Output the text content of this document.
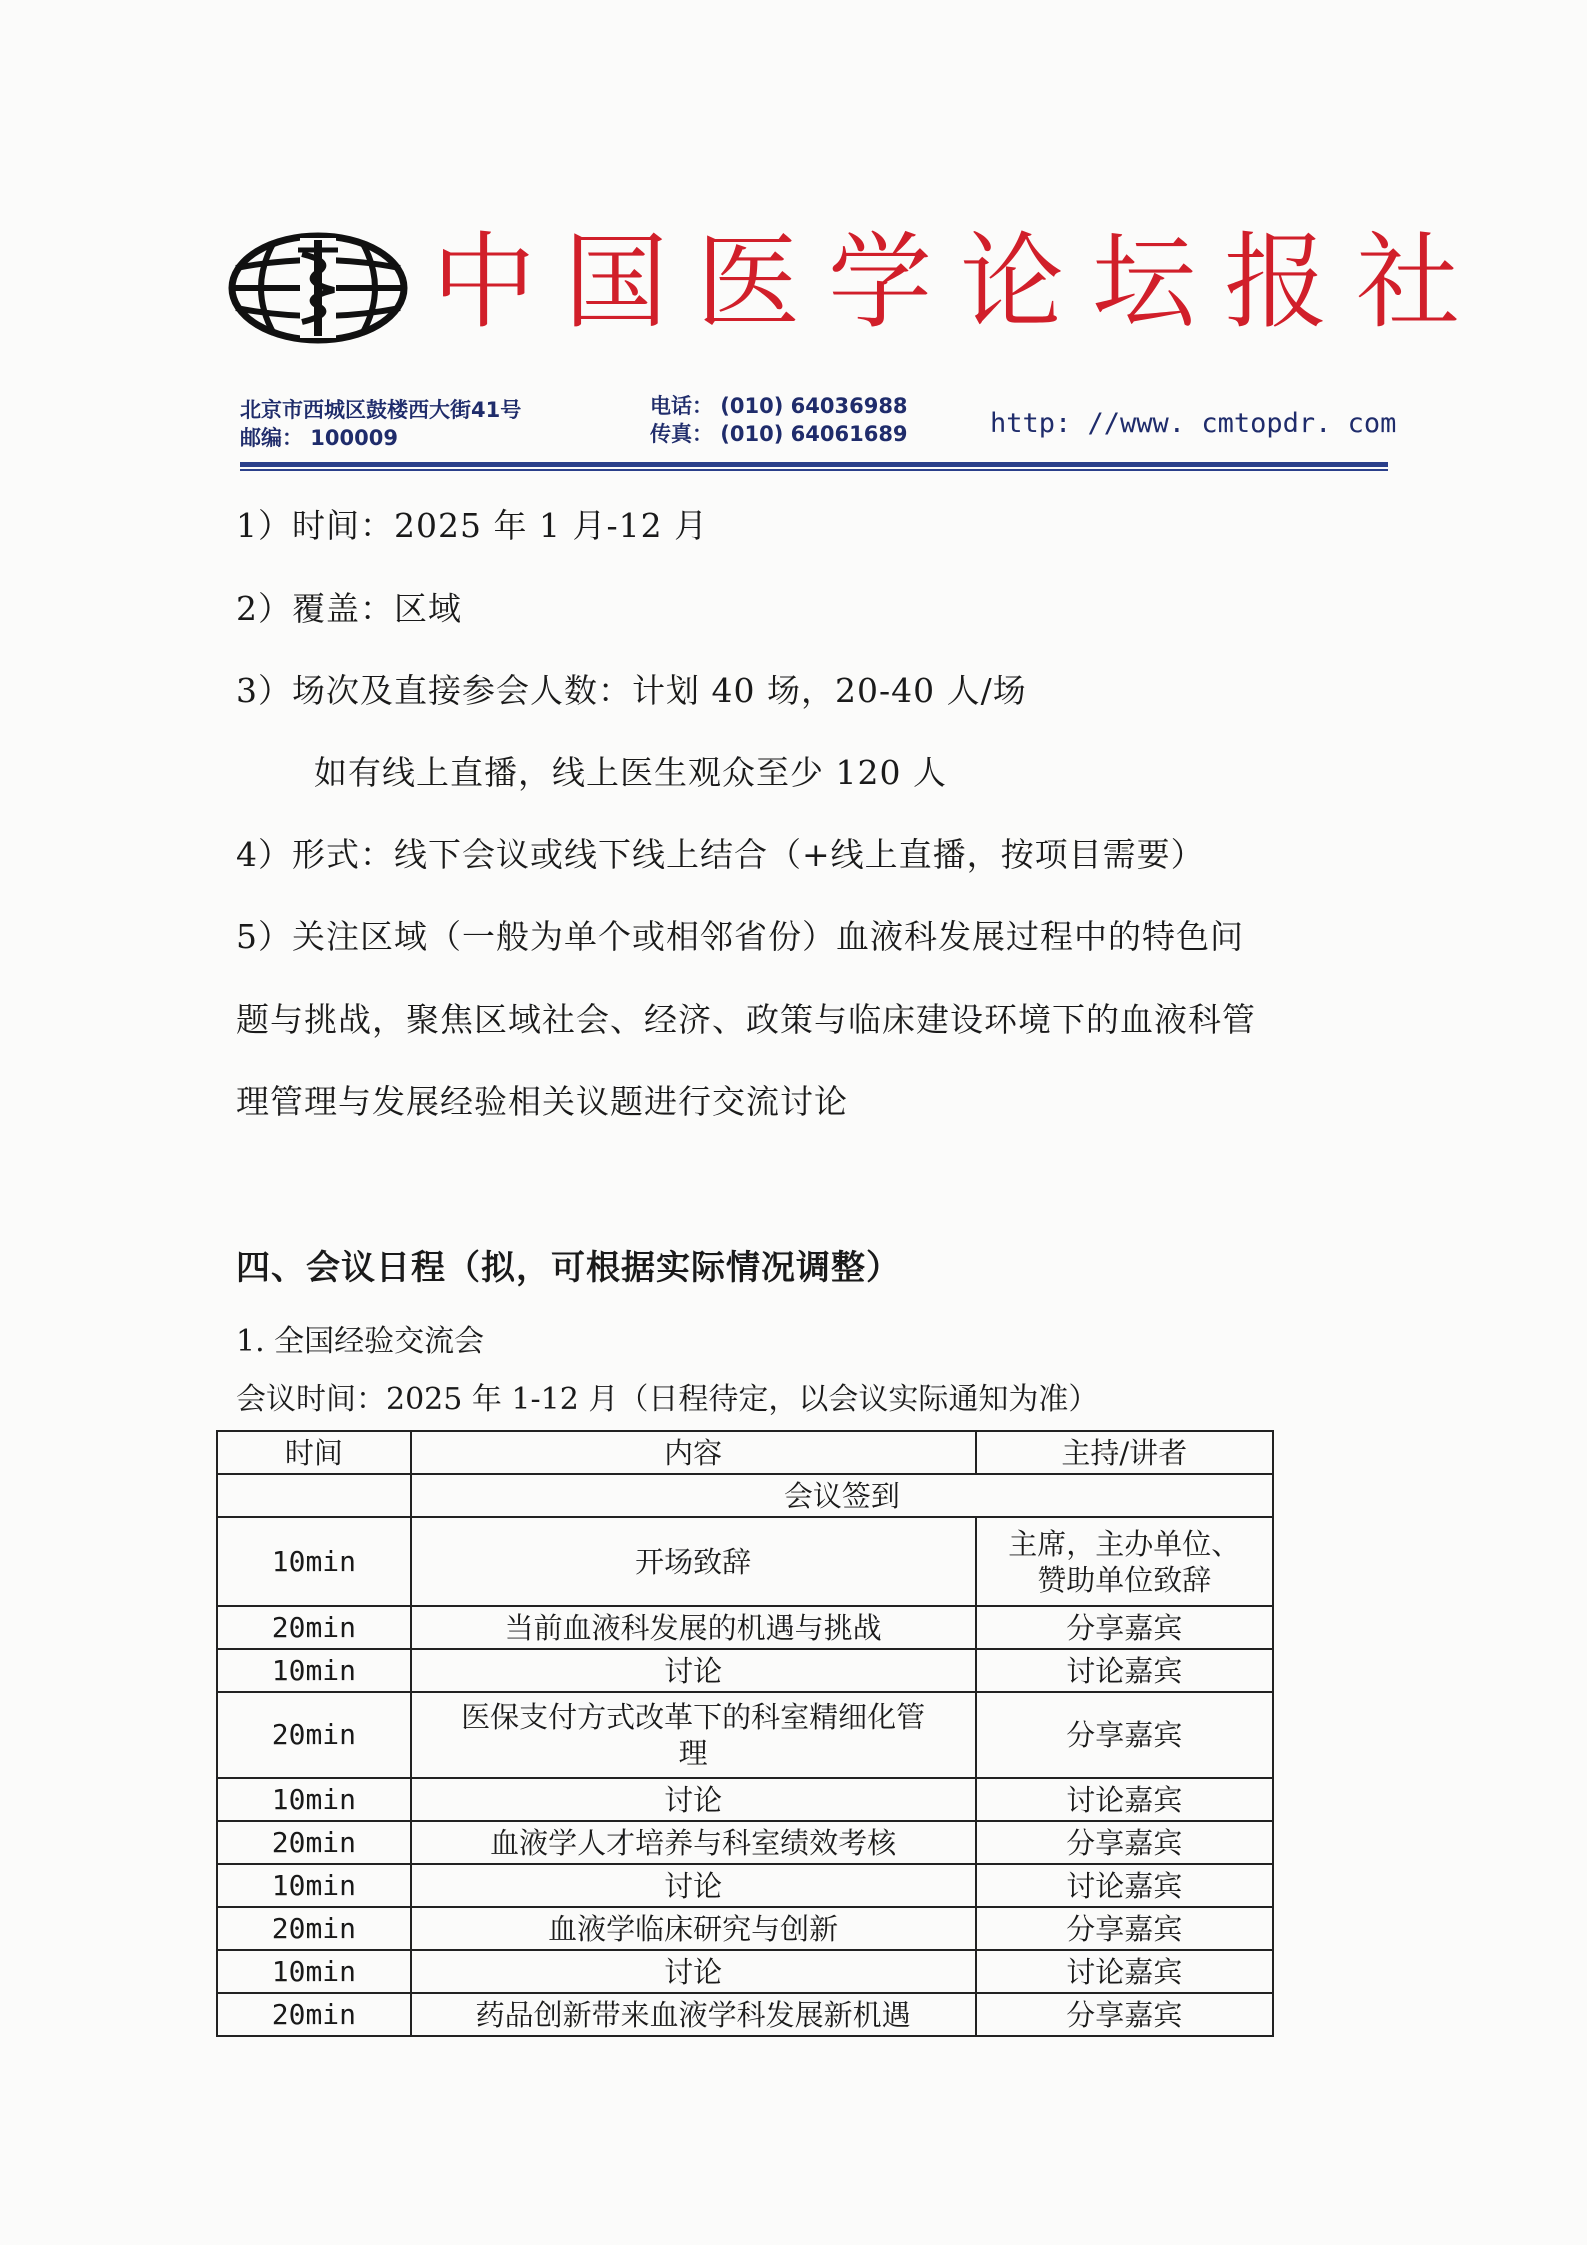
中国医学论坛报社
北京市西城区鼓楼西大街41号
邮编： 100009
电话： (010) 64036988
传真： (010) 64061689	http: //www. cmtopdr. com
1）时间：2025 年 1 月-12 月
2）覆盖：区域
3）场次及直接参会人数：计划 40 场，20-40 人/场
如有线上直播，线上医生观众至少 120 人
4）形式：线下会议或线下线上结合（+线上直播，按项目需要）
5）关注区域（一般为单个或相邻省份）血液科发展过程中的特色问
题与挑战，聚焦区域社会、经济、政策与临床建设环境下的血液科管
理管理与发展经验相关议题进行交流讨论
四、会议日程（拟，可根据实际情况调整）
1. 全国经验交流会
会议时间：2025 年 1-12 月（日程待定，以会议实际通知为准）
时间	内容	主持/讲者
	会议签到	
10min	开场致辞	主席，主办单位、
赞助单位致辞

20min	当前血液科发展的机遇与挑战	分享嘉宾
10min	讨论	讨论嘉宾
20min	医保支付方式改革下的科室精细化管
理	分享嘉宾
10min	讨论	讨论嘉宾
20min	血液学人才培养与科室绩效考核	分享嘉宾
10min	讨论	讨论嘉宾
20min	血液学临床研究与创新	分享嘉宾
10min	讨论	讨论嘉宾
20min	药品创新带来血液学科发展新机遇	分享嘉宾
